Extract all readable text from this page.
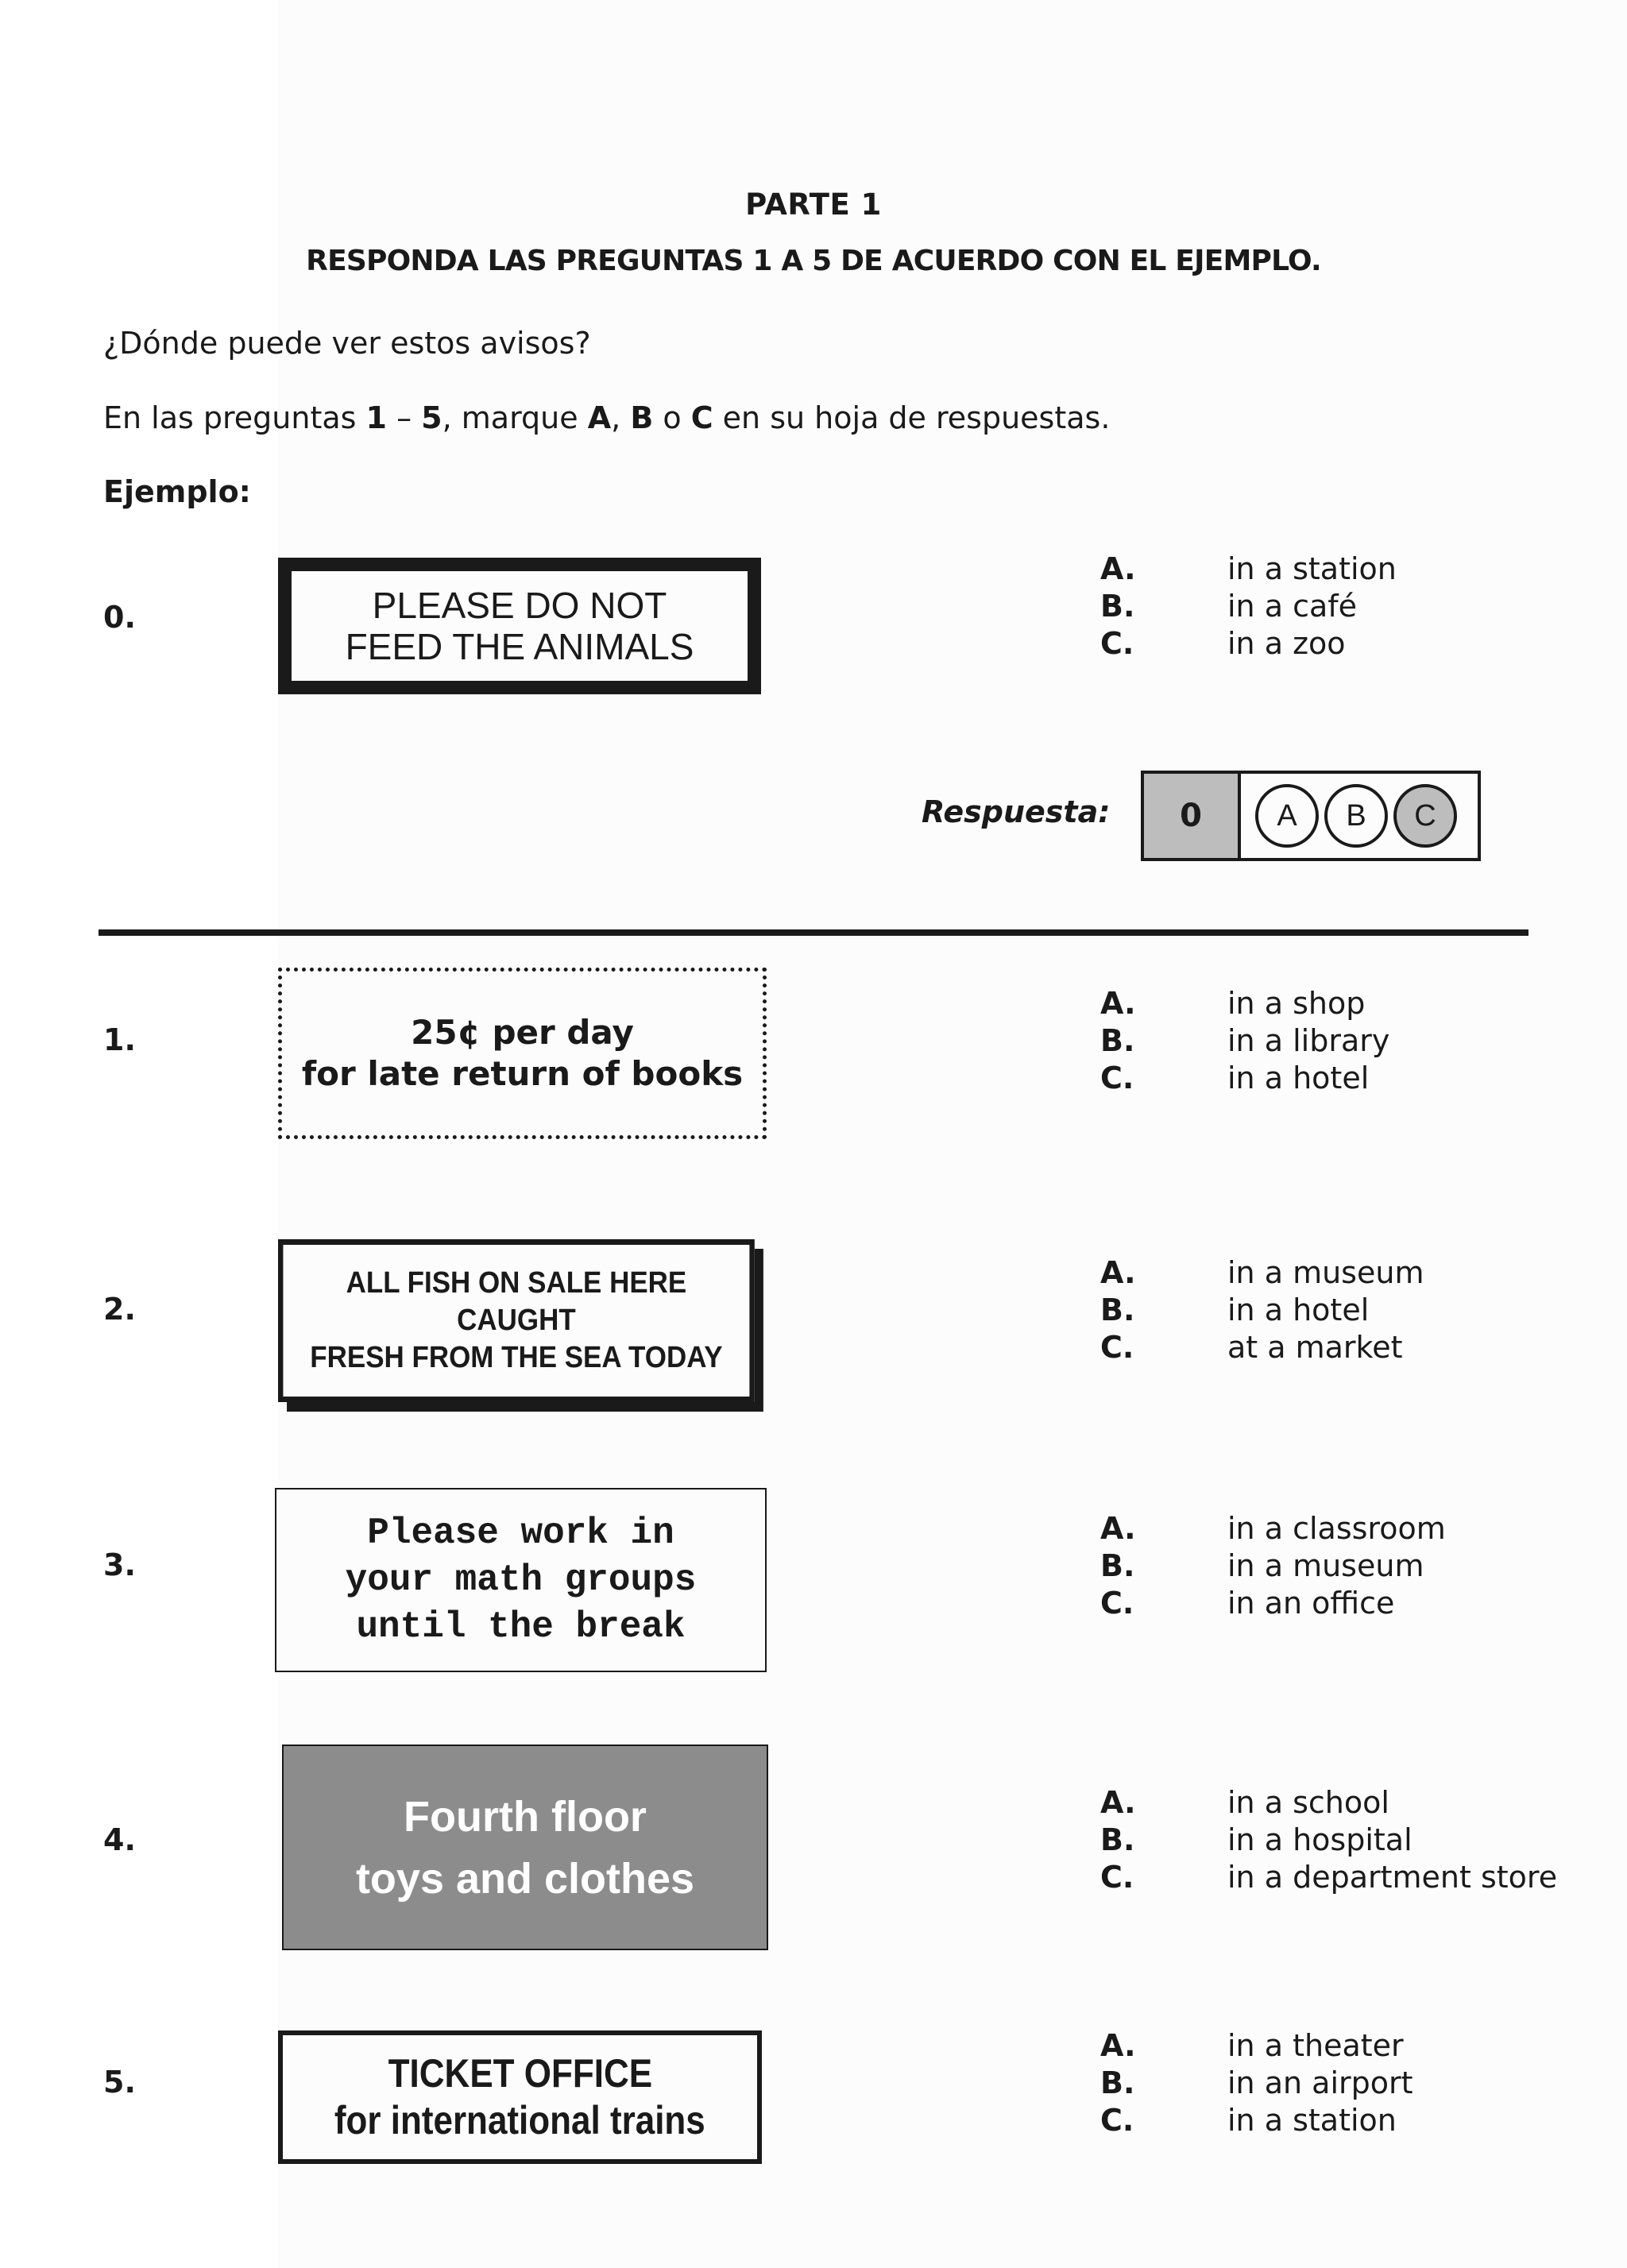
PARTE 1
RESPONDA LAS PREGUNTAS 1 A 5 DE ACUERDO CON EL EJEMPLO.
¿Dónde puede ver estos avisos?
En las preguntas 1 – 5, marque A, B o C en su hoja de respuestas.
Ejemplo:
0.	PLEASE DO NOT
FEED THE ANIMALS
A.	in a station
B.	in a café
C.	in a zoo
Respuesta:	0	A	B	C
1.	25¢ per day
for late return of books
A.	in a shop
B.	in a library
C.	in a hotel
2.
ALL FISH ON SALE HERE CAUGHT
FRESH FROM THE SEA TODAY
A.	in a museum
B.	in a hotel
C.	at a market
3.
Please work in
your math groups
until the break
A.	in a classroom
B.	in a museum
C.	in an office
4.	Fourth floor
toys and clothes
A.	in a school
B.	in a hospital
C.	in a department store
5.	TICKET OFFICE
for international trains
A.	in a theater
B.	in an airport
C.	in a station
